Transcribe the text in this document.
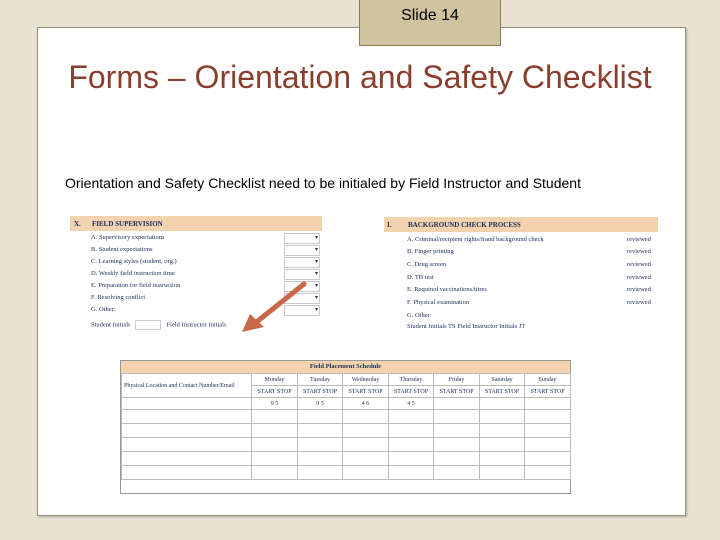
Slide 14
Forms – Orientation and Safety Checklist
Orientation and Safety Checklist need to be initialed by Field Instructor and Student
X. FIELD SUPERVISION
A. Supervisory expectations
▾
B. Student expectations
▾
C. Learning styles (student, org.)
▾
D. Weekly field instruction time
▾
E. Preparation for field instruction
▾
F. Resolving conflict
▾
G. Other:
▾
Student Initials	Field Instructor Initials
I. BACKGROUND CHECK PROCESS
A. Criminal/recipient rights/fraud background check	reviewed
B. Finger printing	reviewed
C. Drug screen	reviewed
D. TB test	reviewed
E. Required vaccinations/titres	reviewed
F. Physical examination	reviewed
G. Other:
Student Initials TS Field Instructor Initials JT
Field Placement Schedule
Physical Location and Contact Number/Email	Monday	Tuesday	Wednesday	Thursday	Friday	Saturday	Sunday
	START STOP	START STOP	START STOP	START STOP	START STOP	START STOP	START STOP
	9 5	9 5	4 6	4 5			
